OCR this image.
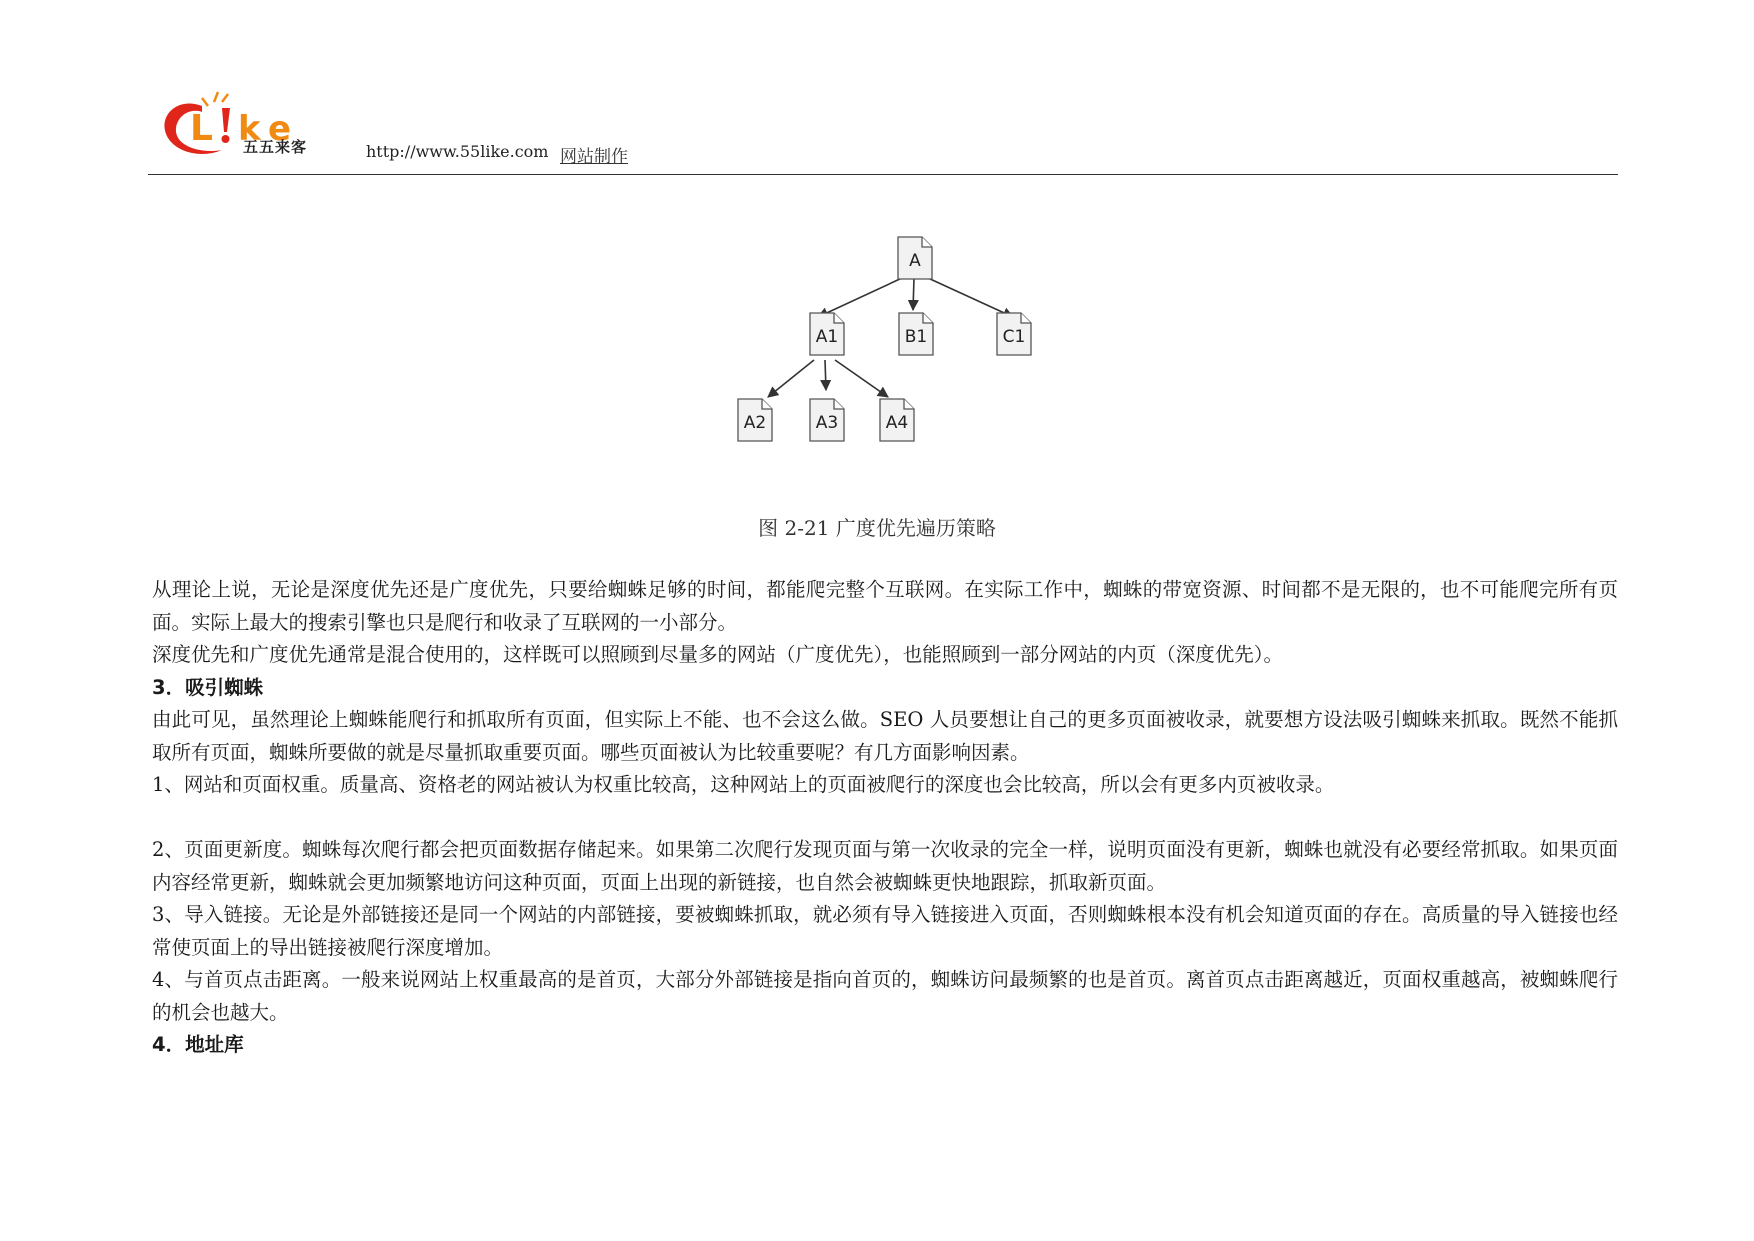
L k e
五五来客	http://www.55like.com 网站制作
A
A1	B1	C1
A2	A3	A4
图 2-21 广度优先遍历策略

从理论上说，无论是深度优先还是广度优先，只要给蜘蛛足够的时间，都能爬完整个互联网。在实际工作中，蜘蛛的带宽资源、时间都不是无限的，也不可能爬完所有页面。实际上最大的搜索引擎也只是爬行和收录了互联网的一小部分。

深度优先和广度优先通常是混合使用的，这样既可以照顾到尽量多的网站（广度优先），也能照顾到一部分网站的内页（深度优先）。

3．吸引蜘蛛

由此可见，虽然理论上蜘蛛能爬行和抓取所有页面，但实际上不能、也不会这么做。SEO 人员要想让自己的更多页面被收录，就要想方设法吸引蜘蛛来抓取。既然不能抓取所有页面，蜘蛛所要做的就是尽量抓取重要页面。哪些页面被认为比较重要呢？有几方面影响因素。

1、网站和页面权重。质量高、资格老的网站被认为权重比较高，这种网站上的页面被爬行的深度也会比较高，所以会有更多内页被收录。

2、页面更新度。蜘蛛每次爬行都会把页面数据存储起来。如果第二次爬行发现页面与第一次收录的完全一样，说明页面没有更新，蜘蛛也就没有必要经常抓取。如果页面内容经常更新，蜘蛛就会更加频繁地访问这种页面，页面上出现的新链接，也自然会被蜘蛛更快地跟踪，抓取新页面。

3、导入链接。无论是外部链接还是同一个网站的内部链接，要被蜘蛛抓取，就必须有导入链接进入页面，否则蜘蛛根本没有机会知道页面的存在。高质量的导入链接也经常使页面上的导出链接被爬行深度增加。

4、与首页点击距离。一般来说网站上权重最高的是首页，大部分外部链接是指向首页的，蜘蛛访问最频繁的也是首页。离首页点击距离越近，页面权重越高，被蜘蛛爬行的机会也越大。

4．地址库
